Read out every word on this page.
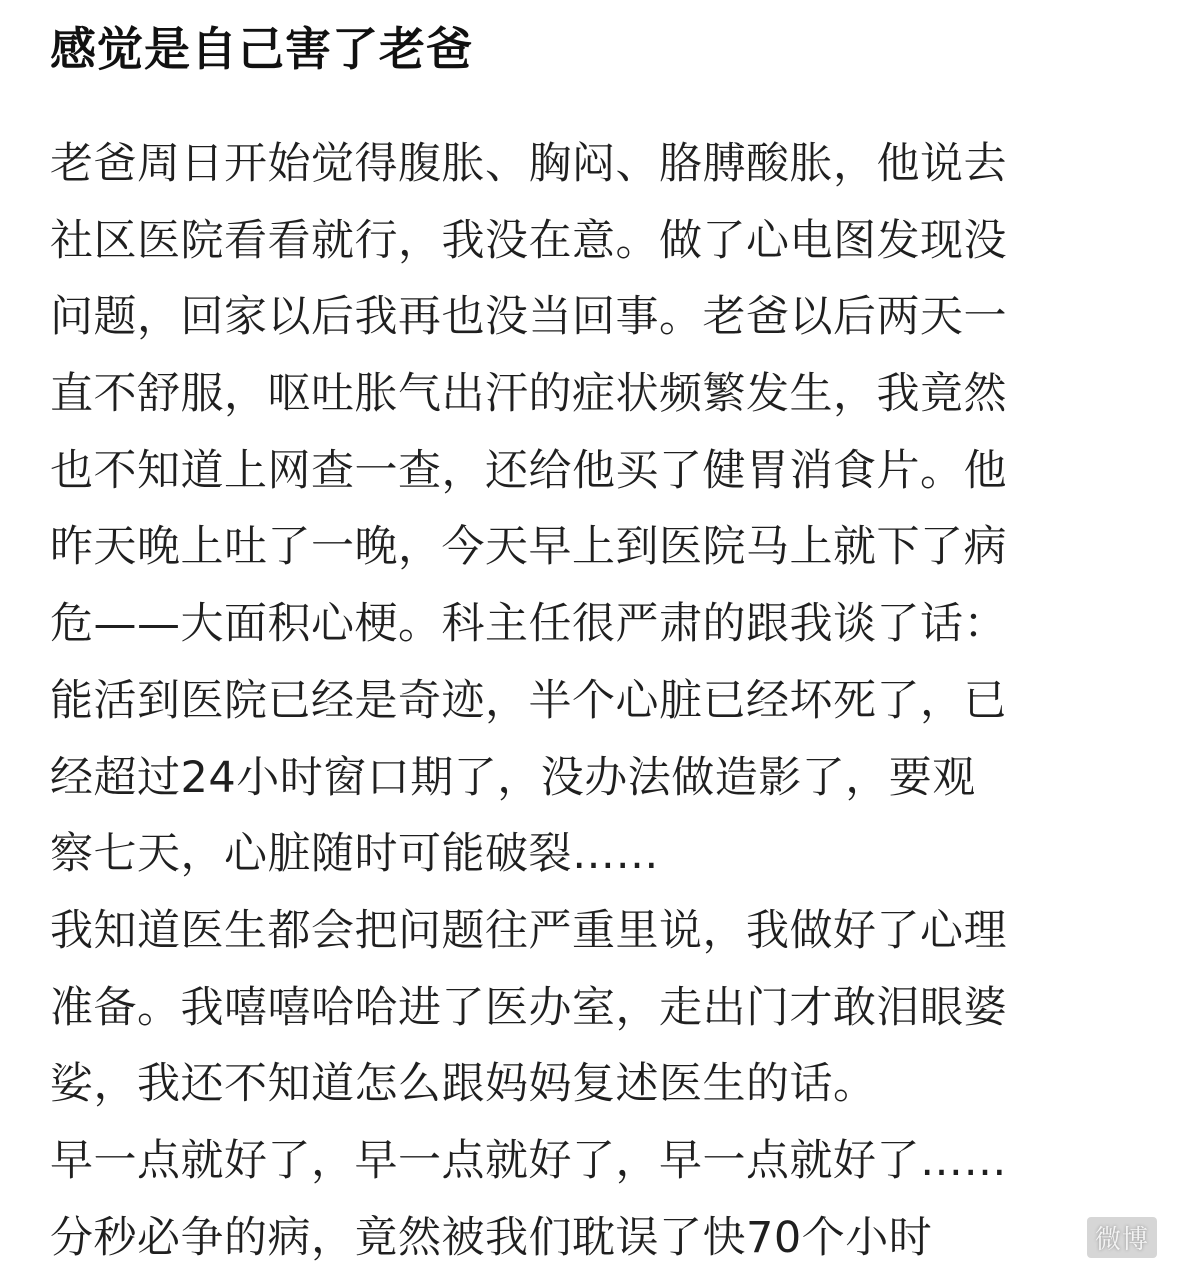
感觉是自己害了老爸
老爸周日开始觉得腹胀、胸闷、胳膊酸胀，他说去
社区医院看看就行，我没在意。做了心电图发现没
问题，回家以后我再也没当回事。老爸以后两天一
直不舒服，呕吐胀气出汗的症状频繁发生，我竟然
也不知道上网查一查，还给他买了健胃消食片。他
昨天晚上吐了一晚，今天早上到医院马上就下了病
危——大面积心梗。科主任很严肃的跟我谈了话：
能活到医院已经是奇迹，半个心脏已经坏死了，已
经超过24小时窗口期了，没办法做造影了，要观
察七天，心脏随时可能破裂……
我知道医生都会把问题往严重里说，我做好了心理
准备。我嘻嘻哈哈进了医办室，走出门才敢泪眼婆
娑，我还不知道怎么跟妈妈复述医生的话。
早一点就好了，早一点就好了，早一点就好了……
分秒必争的病，竟然被我们耽误了快70个小时	微博
